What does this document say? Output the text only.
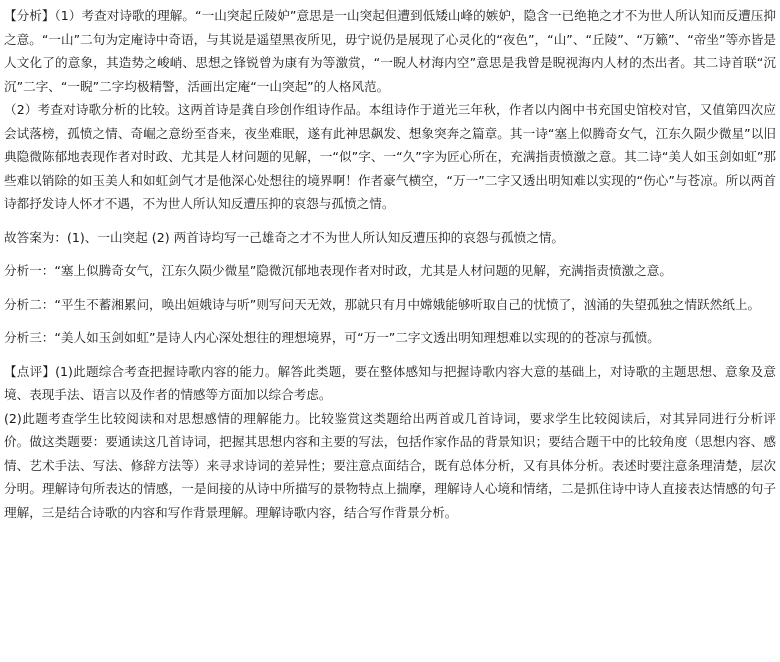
【分析】（1）考查对诗歌的理解。“一山突起丘陵妒”意思是一山突起但遭到低矮山峰的嫉妒，隐含一已绝艳之才不为世人所认知而反遭压抑之意。“一山”二句为定庵诗中奇语，与其说是遥望黑夜所见，毋宁说仍是展现了心灵化的“夜色”，“山”、“丘陵”、“万籁”、“帝坐”等亦皆是人文化了的意象，其造势之峻峭、思想之锋锐曾为康有为等激赏，“一睨人材海内空”意思是我曾是睨视海内人材的杰出者。其二诗首联“沉沉”二字、“一睨”二字均极精警，活画出定庵“一山突起”的人格风范。

（2）考查对诗歌分析的比较。这两首诗是龚自珍创作组诗作品。本组诗作于道光三年秋，作者以内阁中书充国史馆校对官，又值第四次应会试落榜，孤愤之情、奇崛之意纷至沓来，夜坐难眠，遂有此神思飙发、想象突奔之篇章。其一诗“塞上似腾奇女气，江东久陨少微星”以旧典隐微陈郁地表现作者对时政、尤其是人材问题的见解，一“似”字、一“久”字为匠心所在，充满指责愤激之意。其二诗“美人如玉剑如虹”那些难以销除的如玉美人和如虹剑气才是他深心处想往的境界啊！作者豪气横空，“万一”二字又透出明知难以实现的“伤心”与苍凉。所以两首诗都抒发诗人怀才不遇，不为世人所认知反遭压抑的哀怨与孤愤之情。

故答案为：(1)、一山突起 (2) 两首诗均写一己雄奇之才不为世人所认知反遭压抑的哀怨与孤愤之情。

分析一：“塞上似腾奇女气，江东久陨少微星”隐微沉郁地表现作者对时政，尤其是人材问题的见解，充满指责愤激之意。

分析二：“平生不蓄湘累问，唤出姮娥诗与听”则写问天无效，那就只有月中嫦娥能够听取自己的忧愤了，汹涌的失望孤独之情跃然纸上。

分析三：“美人如玉剑如虹”是诗人内心深处想往的理想境界，可“万一”二字文透出明知理想难以实现的的苍凉与孤愤。

【点评】(1)此题综合考查把握诗歌内容的能力。解答此类题，要在整体感知与把握诗歌内容大意的基础上，对诗歌的主题思想、意象及意境、表现手法、语言以及作者的情感等方面加以综合考虑。

(2)此题考查学生比较阅读和对思想感情的理解能力。比较鉴赏这类题给出两首或几首诗词，要求学生比较阅读后，对其异同进行分析评价。做这类题要：要通读这几首诗词，把握其思想内容和主要的写法，包括作家作品的背景知识；要结合题干中的比较角度（思想内容、感情、艺术手法、写法、修辞方法等）来寻求诗词的差异性；要注意点面结合，既有总体分析，又有具体分析。表述时要注意条理清楚，层次分明。理解诗句所表达的情感，一是间接的从诗中所描写的景物特点上揣摩，理解诗人心境和情绪，二是抓住诗中诗人直接表达情感的句子理解，三是结合诗歌的内容和写作背景理解。理解诗歌内容，结合写作背景分析。
